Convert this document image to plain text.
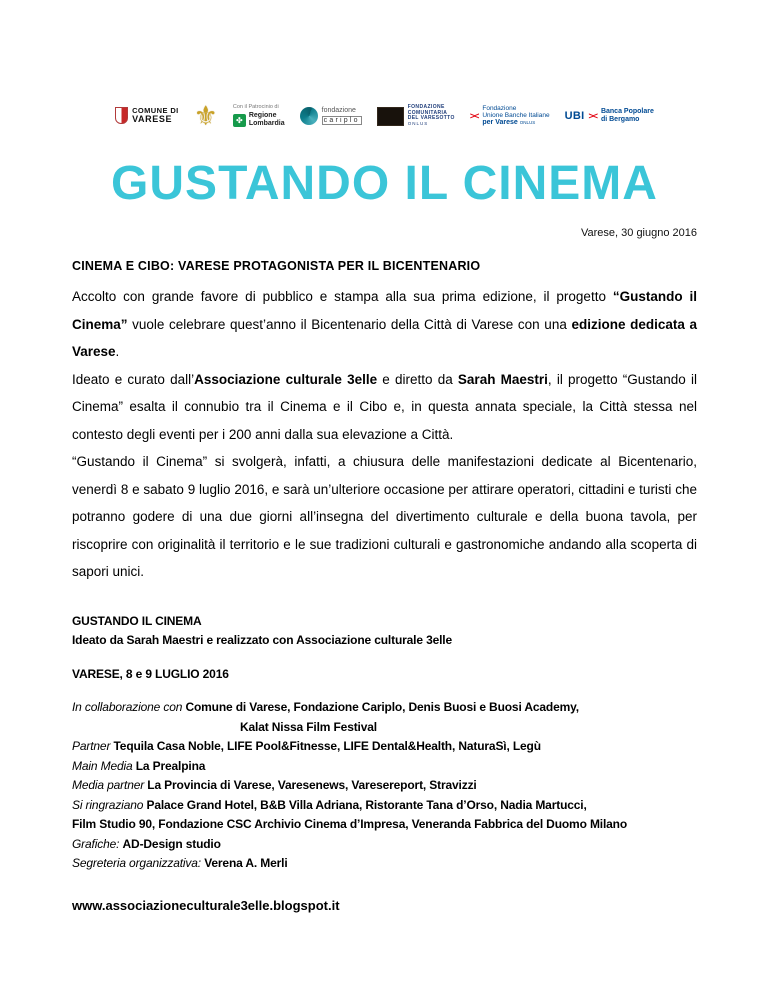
COMUNE DI
VARESE ⚜	Con il Patrocinio di
✤ Regione
Lombardia
fondazione
cariplo
FONDAZIONE
COMUNITARIA
DEL VARESOTTO
ONLUS
><
Fondazione
Unione Banche Italiane
per Varese ONLUS
UBI >< Banca Popolare
di Bergamo
GUSTANDO IL CINEMA
Varese, 30 giugno 2016
CINEMA E CIBO: VARESE PROTAGONISTA PER IL BICENTENARIO

Accolto con grande favore di pubblico e stampa alla sua prima edizione, il progetto “Gustando il Cinema” vuole celebrare quest’anno il Bicentenario della Città di Varese con una edizione dedicata a Varese.

Ideato e curato dall’Associazione culturale 3elle e diretto da Sarah Maestri, il progetto “Gustando il Cinema” esalta il connubio tra il Cinema e il Cibo e, in questa annata speciale, la Città stessa nel contesto degli eventi per i 200 anni dalla sua elevazione a Città.

“Gustando il Cinema” si svolgerà, infatti, a chiusura delle manifestazioni dedicate al Bicentenario, venerdì 8 e sabato 9 luglio 2016, e sarà un’ulteriore occasione per attirare operatori, cittadini e turisti che potranno godere di una due giorni all’insegna del divertimento culturale e della buona tavola, per riscoprire con originalità il territorio e le sue tradizioni culturali e gastronomiche andando alla scoperta di sapori unici.

GUSTANDO IL CINEMA
Ideato da Sarah Maestri e realizzato con Associazione culturale 3elle
VARESE, 8 e 9 LUGLIO 2016
In collaborazione con Comune di Varese, Fondazione Cariplo, Denis Buosi e Buosi Academy,
Kalat Nissa Film Festival
Partner Tequila Casa Noble, LIFE Pool&Fitnesse, LIFE Dental&Health, NaturaSì, Legù
Main Media La Prealpina
Media partner La Provincia di Varese, Varesenews, Varesereport, Stravizzi
Si ringraziano Palace Grand Hotel, B&B Villa Adriana, Ristorante Tana d’Orso, Nadia Martucci,
Film Studio 90, Fondazione CSC Archivio Cinema d’Impresa, Veneranda Fabbrica del Duomo Milano
Grafiche: AD-Design studio
Segreteria organizzativa: Verena A. Merli
www.associazioneculturale3elle.blogspot.it
